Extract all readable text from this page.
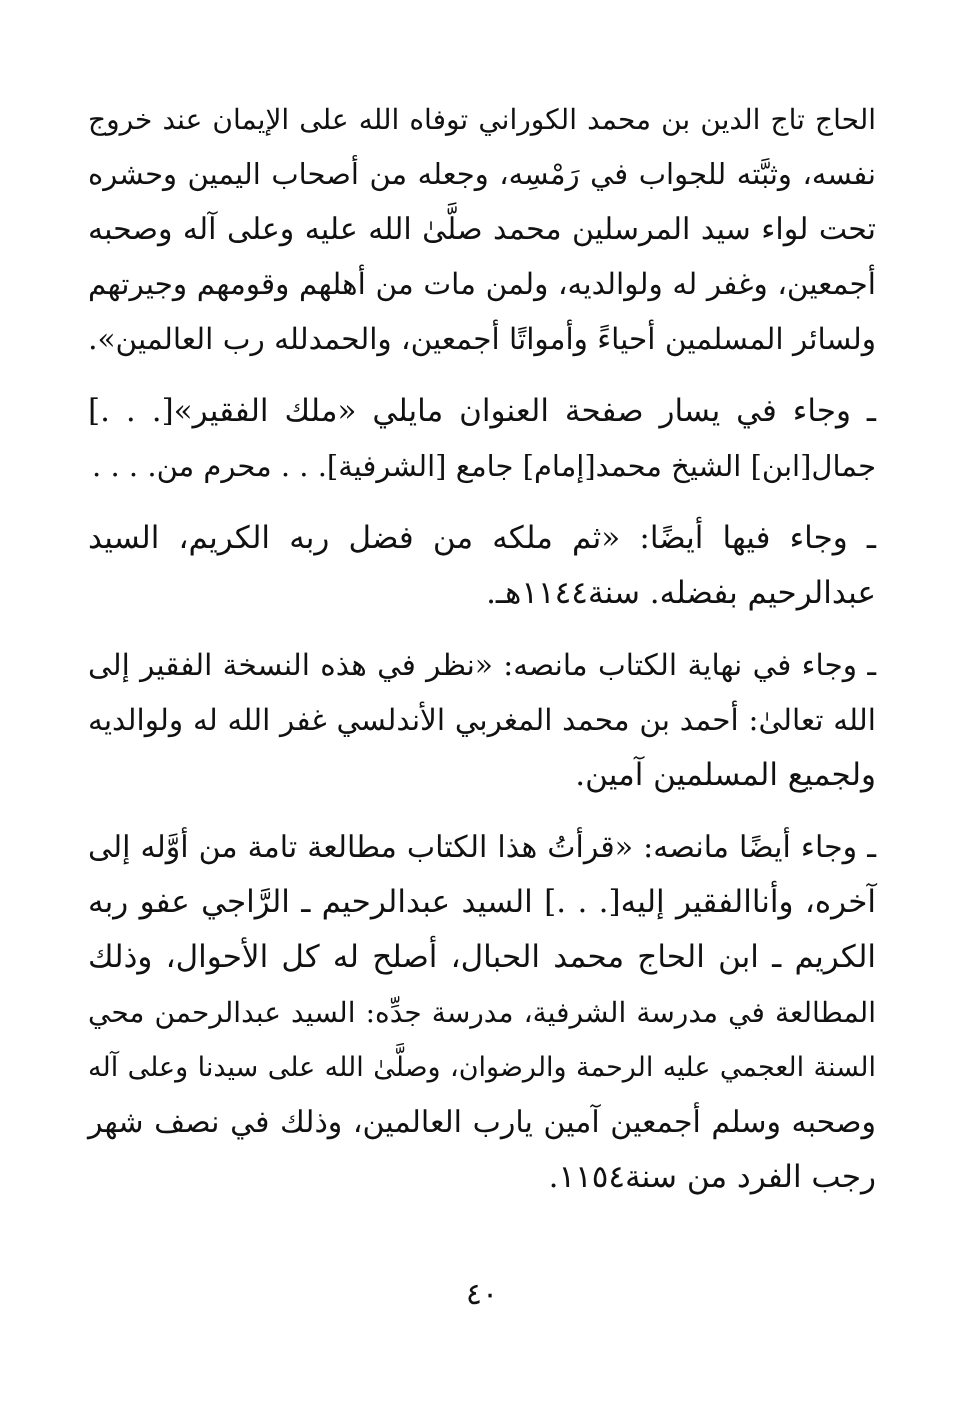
الحاج تاج الدين بن محمد الكوراني توفاه الله على الإيمان عند خروج
نفسه، وثبَّته للجواب في رَمْسِه، وجعله من أصحاب اليمين وحشره
تحت لواء سيد المرسلين محمد صلَّىٰ الله عليه وعلى آله وصحبه
أجمعين، وغفر له ولوالديه، ولمن مات من أهلهم وقومهم وجيرتهم
ولسائر المسلمين أحياءً وأمواتًا أجمعين، والحمدلله رب العالمين».

ـ وجاء في يسار صفحة العنوان مايلي «ملك الفقير»[. . .]
جمال[ابن] الشيخ محمد[إمام] جامع [الشرفية]. . . محرم من. . . .

ـ وجاء فيها أيضًا: «ثم ملكه من فضل ربه الكريم، السيد
عبدالرحيم بفضله. سنة١١٤٤هـ.

ـ وجاء في نهاية الكتاب مانصه: «نظر في هذه النسخة الفقير إلى
الله تعالىٰ: أحمد بن محمد المغربي الأندلسي غفر الله له ولوالديه
ولجميع المسلمين آمين.

ـ وجاء أيضًا مانصه: «قرأتُ هذا الكتاب مطالعة تامة من أوَّله إلى
آخره، وأناالفقير إليه[. . .] السيد عبدالرحيم ـ الرَّاجي عفو ربه
الكريم ـ ابن الحاج محمد الحبال، أصلح له كل الأحوال، وذلك
المطالعة في مدرسة الشرفية، مدرسة جدِّه: السيد عبدالرحمن محي
السنة العجمي عليه الرحمة والرضوان، وصلَّىٰ الله على سيدنا وعلى آله
وصحبه وسلم أجمعين آمين يارب العالمين، وذلك في نصف شهر
رجب الفرد من سنة١١٥٤.

٤٠
